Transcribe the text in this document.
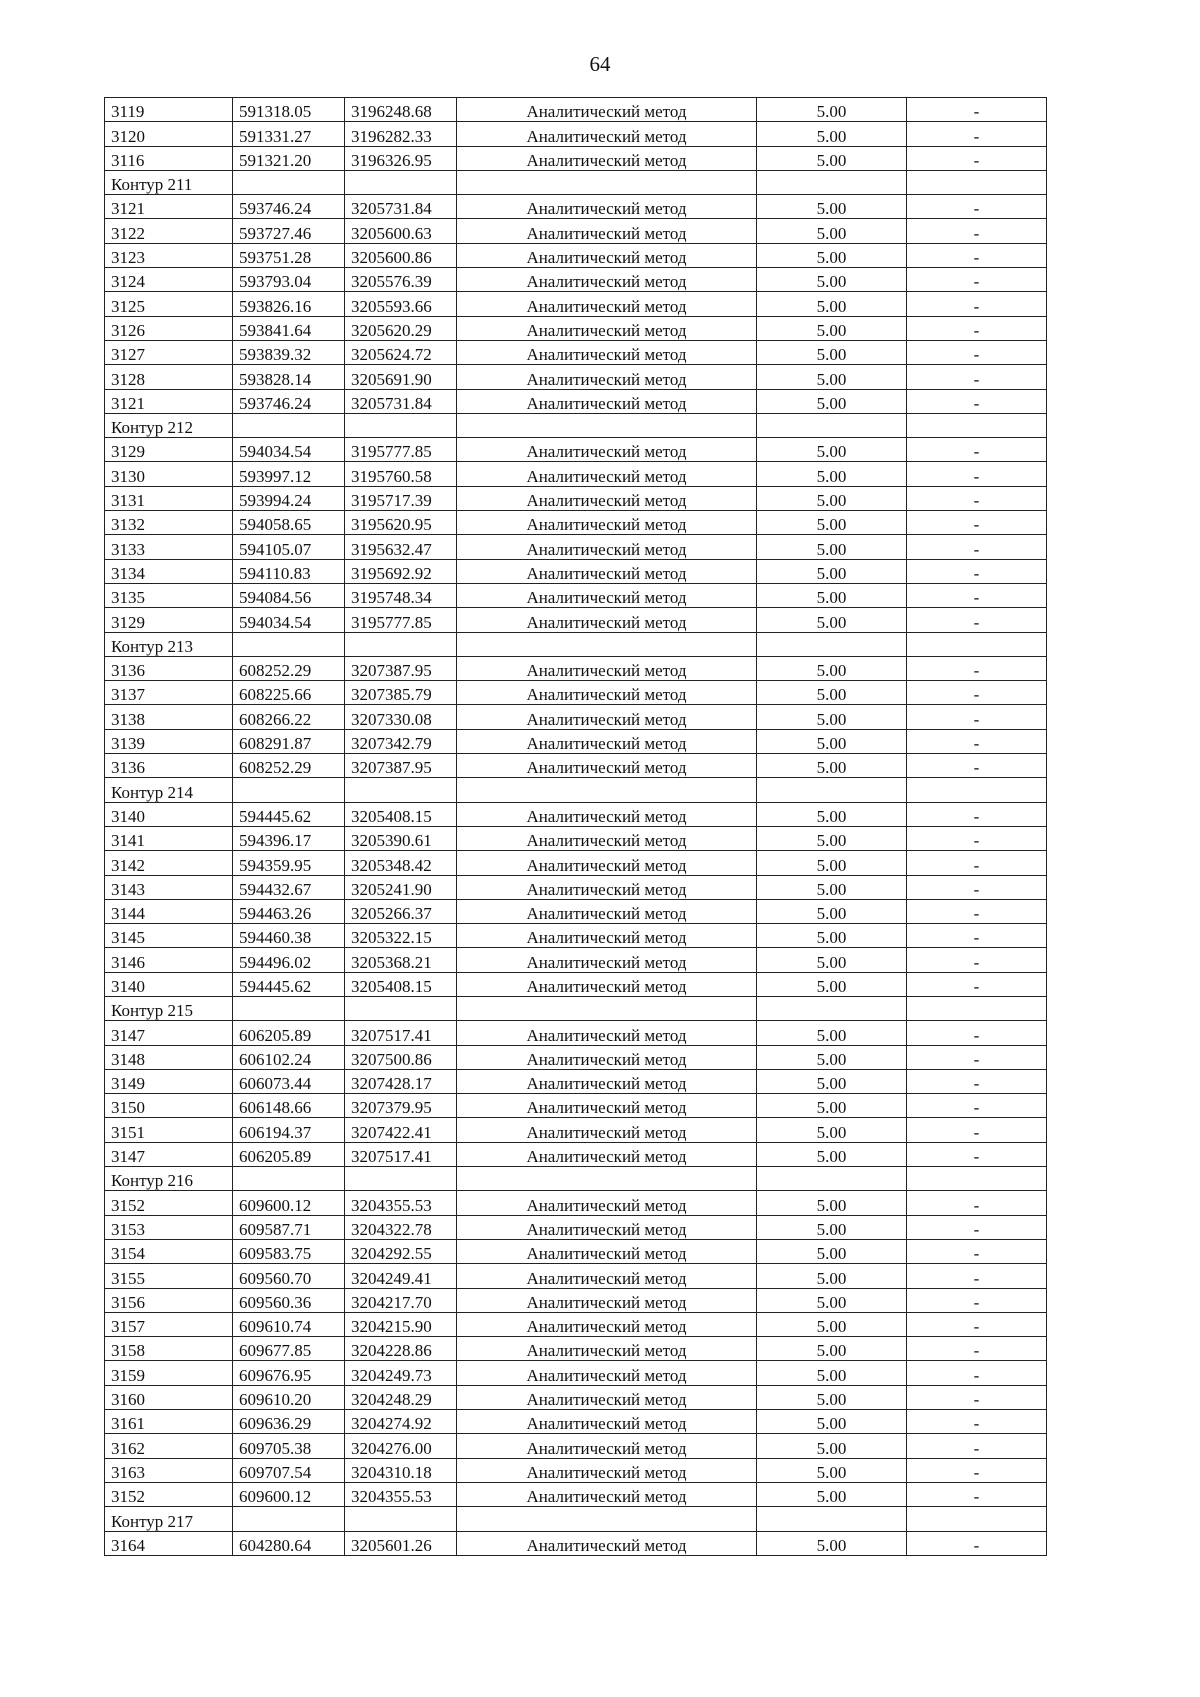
64
3119	591318.05	3196248.68	Аналитический метод	5.00	-
3120	591331.27	3196282.33	Аналитический метод	5.00	-
3116	591321.20	3196326.95	Аналитический метод	5.00	-
Контур 211					
3121	593746.24	3205731.84	Аналитический метод	5.00	-
3122	593727.46	3205600.63	Аналитический метод	5.00	-
3123	593751.28	3205600.86	Аналитический метод	5.00	-
3124	593793.04	3205576.39	Аналитический метод	5.00	-
3125	593826.16	3205593.66	Аналитический метод	5.00	-
3126	593841.64	3205620.29	Аналитический метод	5.00	-
3127	593839.32	3205624.72	Аналитический метод	5.00	-
3128	593828.14	3205691.90	Аналитический метод	5.00	-
3121	593746.24	3205731.84	Аналитический метод	5.00	-
Контур 212					
3129	594034.54	3195777.85	Аналитический метод	5.00	-
3130	593997.12	3195760.58	Аналитический метод	5.00	-
3131	593994.24	3195717.39	Аналитический метод	5.00	-
3132	594058.65	3195620.95	Аналитический метод	5.00	-
3133	594105.07	3195632.47	Аналитический метод	5.00	-
3134	594110.83	3195692.92	Аналитический метод	5.00	-
3135	594084.56	3195748.34	Аналитический метод	5.00	-
3129	594034.54	3195777.85	Аналитический метод	5.00	-
Контур 213					
3136	608252.29	3207387.95	Аналитический метод	5.00	-
3137	608225.66	3207385.79	Аналитический метод	5.00	-
3138	608266.22	3207330.08	Аналитический метод	5.00	-
3139	608291.87	3207342.79	Аналитический метод	5.00	-
3136	608252.29	3207387.95	Аналитический метод	5.00	-
Контур 214					
3140	594445.62	3205408.15	Аналитический метод	5.00	-
3141	594396.17	3205390.61	Аналитический метод	5.00	-
3142	594359.95	3205348.42	Аналитический метод	5.00	-
3143	594432.67	3205241.90	Аналитический метод	5.00	-
3144	594463.26	3205266.37	Аналитический метод	5.00	-
3145	594460.38	3205322.15	Аналитический метод	5.00	-
3146	594496.02	3205368.21	Аналитический метод	5.00	-
3140	594445.62	3205408.15	Аналитический метод	5.00	-
Контур 215					
3147	606205.89	3207517.41	Аналитический метод	5.00	-
3148	606102.24	3207500.86	Аналитический метод	5.00	-
3149	606073.44	3207428.17	Аналитический метод	5.00	-
3150	606148.66	3207379.95	Аналитический метод	5.00	-
3151	606194.37	3207422.41	Аналитический метод	5.00	-
3147	606205.89	3207517.41	Аналитический метод	5.00	-
Контур 216					
3152	609600.12	3204355.53	Аналитический метод	5.00	-
3153	609587.71	3204322.78	Аналитический метод	5.00	-
3154	609583.75	3204292.55	Аналитический метод	5.00	-
3155	609560.70	3204249.41	Аналитический метод	5.00	-
3156	609560.36	3204217.70	Аналитический метод	5.00	-
3157	609610.74	3204215.90	Аналитический метод	5.00	-
3158	609677.85	3204228.86	Аналитический метод	5.00	-
3159	609676.95	3204249.73	Аналитический метод	5.00	-
3160	609610.20	3204248.29	Аналитический метод	5.00	-
3161	609636.29	3204274.92	Аналитический метод	5.00	-
3162	609705.38	3204276.00	Аналитический метод	5.00	-
3163	609707.54	3204310.18	Аналитический метод	5.00	-
3152	609600.12	3204355.53	Аналитический метод	5.00	-
Контур 217					
3164	604280.64	3205601.26	Аналитический метод	5.00	-
